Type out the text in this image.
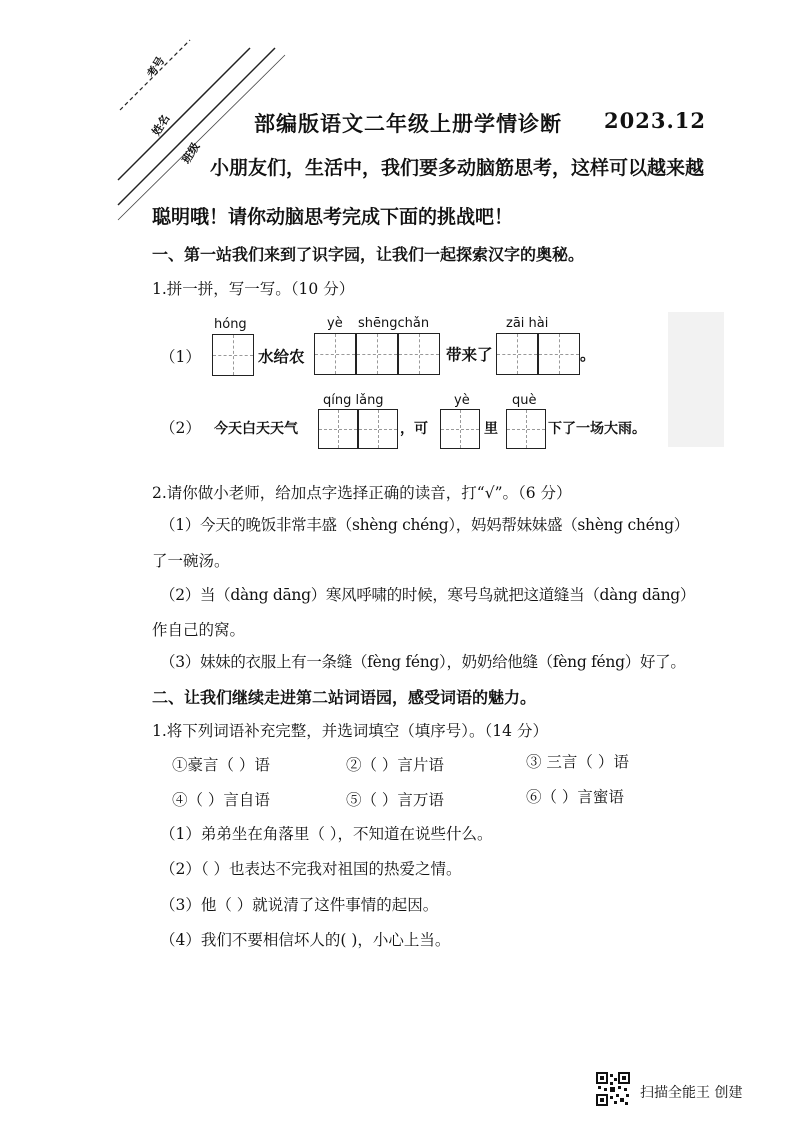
考号
姓名
班级
部编版语文二年级上册学情诊断 2023.12
小朋友们，生活中，我们要多动脑筋思考，这样可以越来越
聪明哦！请你动脑思考完成下面的挑战吧！
一、第一站我们来到了识字园，让我们一起探索汉字的奥秘。
1.拼一拼，写一写。（10 分）
（1）
hóng
水给农
yè shēngchǎn
带来了
zāi hài
。
（2） 今天白天天气
qíng lǎng
，可
yè
里
què
下了一场大雨。
2.请你做小老师，给加点字选择正确的读音，打“√”。（6 分）
（1）今天的晚饭非常丰盛（shèng chéng），妈妈帮妹妹盛（shèng chéng）
了一碗汤。
（2）当（dàng dāng）寒风呼啸的时候，寒号鸟就把这道缝当（dàng dāng）
作自己的窝。
（3）妹妹的衣服上有一条缝（fèng féng），奶奶给他缝（fèng féng）好了。
二、让我们继续走进第二站词语园，感受词语的魅力。
1.将下列词语补充完整，并选词填空（填序号）。（14 分）
①豪言（ ）语	②（ ）言片语	③ 三言（ ）语
④（ ）言自语	⑤（ ）言万语	⑥（ ）言蜜语
（1）弟弟坐在角落里（ ），不知道在说些什么。
（2）（ ）也表达不完我对祖国的热爱之情。
（3）他（ ）就说清了这件事情的起因。
（4）我们不要相信坏人的( )，小心上当。
扫描全能王 创建
